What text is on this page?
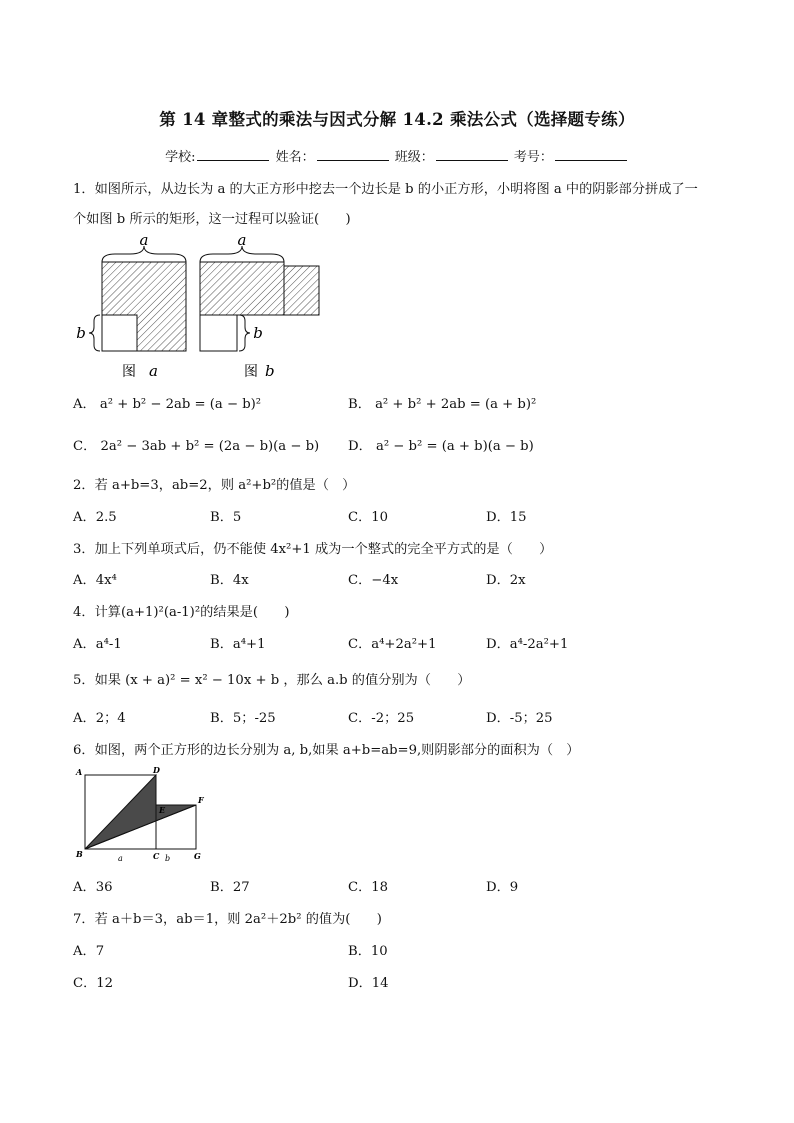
第 14 章整式的乘法与因式分解 14.2 乘法公式（选择题专练）
学校:	姓名：	班级：	考号：
1．如图所示，从边长为 a 的大正方形中挖去一个边长是 b 的小正方形，小明将图 a 中的阴影部分拼成了一
个如图 b 所示的矩形，这一过程可以验证(　　)
a
b
图 a
a
b
图 b
A． a² + b² − 2ab = (a − b)²	B． a² + b² + 2ab = (a + b)²
C． 2a² − 3ab + b² = (2a − b)(a − b) D． a² − b² = (a + b)(a − b)
2．若 a+b=3，ab=2，则 a²+b²的值是（　）
A．2.5	B．5	C．10	D．15
3．加上下列单项式后，仍不能使 4x²+1 成为一个整式的完全平方式的是（　　）
A．4x⁴	B．4x	C．−4x	D．2x
4．计算(a+1)²(a-1)²的结果是(　　)
A．a⁴-1	B．a⁴+1	C．a⁴+2a²+1	D．a⁴-2a²+1
5．如果 (x + a)² = x² − 10x + b ，那么 a.b 的值分别为（　　）
A．2；4	B．5；-25	C．-2；25	D．-5；25
6．如图，两个正方形的边长分别为 a, b,如果 a+b=ab=9,则阴影部分的面积为（　）
A	D
E
F
B	C	G
a	b
A．36	B．27	C．18	D．9
7．若 a＋b＝3，ab＝1，则 2a²＋2b² 的值为(　　)
A．7	B．10
C．12	D．14
